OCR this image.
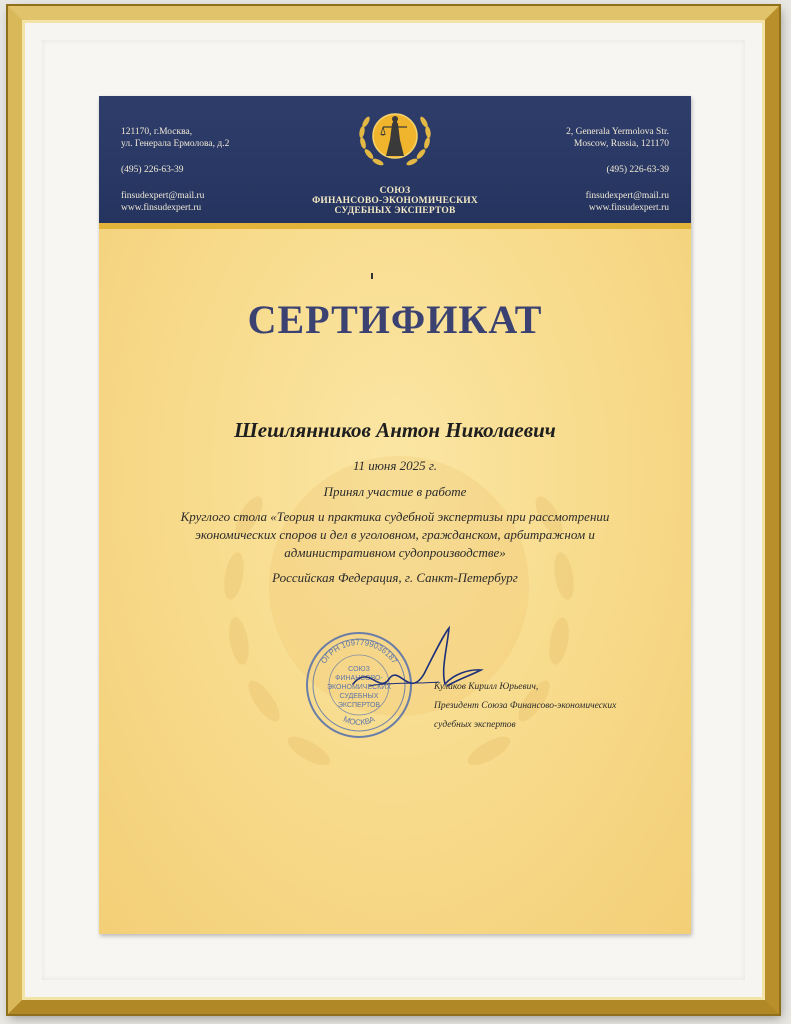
121170, г.Москва,
ул. Генерала Ермолова, д.2
(495) 226-63-39
finsudexpert@mail.ru
www.finsudexpert.ru
СОЮЗ
ФИНАНСОВО-ЭКОНОМИЧЕСКИХ
СУДЕБНЫХ ЭКСПЕРТОВ
2, Generala Yermolova Str.
Moscow, Russia, 121170
(495) 226-63-39
finsudexpert@mail.ru
www.finsudexpert.ru
СЕРТИФИКАТ
Шешлянников Антон Николаевич
11 июня 2025 г.
Принял участие в работе
Круглого стола «Теория и практика судебной экспертизы при рассмотрении
экономических споров и дел в уголовном, гражданском, арбитражном и
административном судопроизводстве»
Российская Федерация, г. Санкт-Петербург
ОГРН 1097799036187
МОСКВА
СОЮЗ
ФИНАНСОВО-
ЭКОНОМИЧЕСКИХ
СУДЕБНЫХ
ЭКСПЕРТОВ
Кулаков Кирилл Юрьевич,
Президент Союза Финансово-экономических
судебных экспертов
